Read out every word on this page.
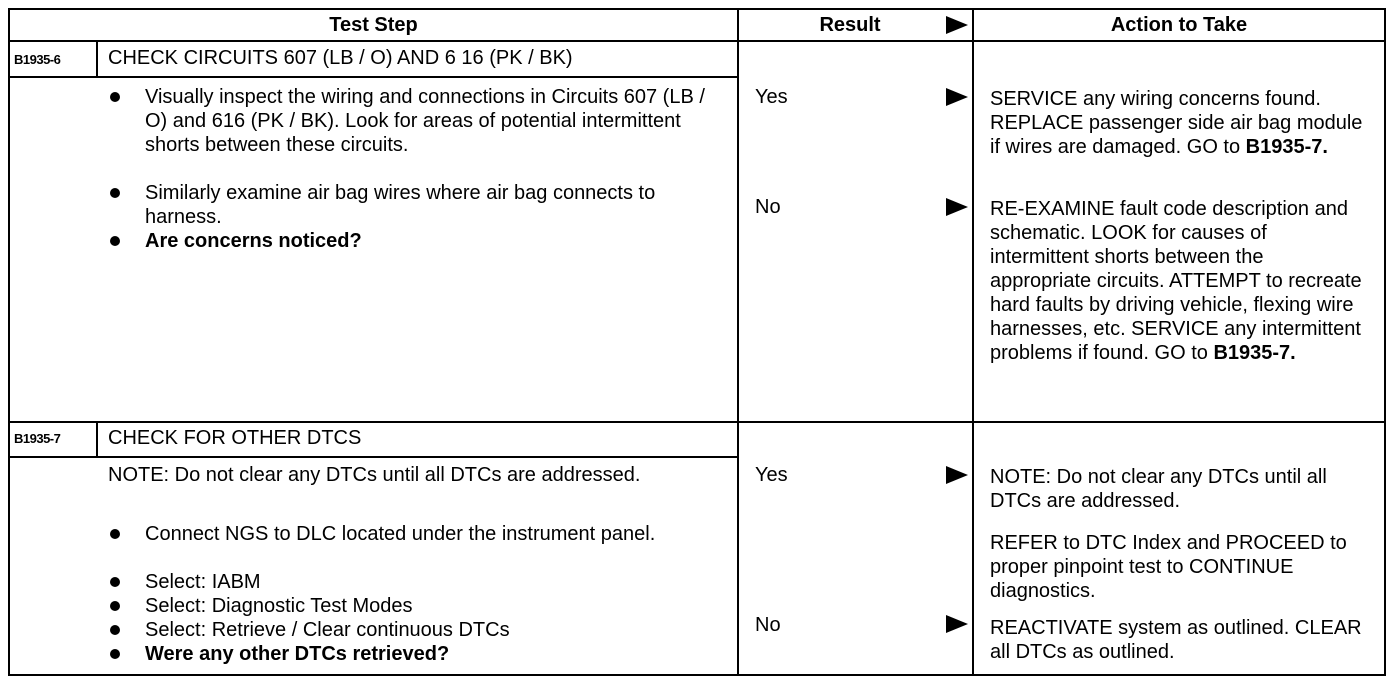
Test Step	Result	Action to Take
B1935-6 CHECK CIRCUITS 607 (LB / O) AND 6 16 (PK / BK)
Visually inspect the wiring and connections in Circuits 607 (LB / O) and 616 (PK / BK). Look for areas of potential intermittent shorts between these circuits.
Similarly examine air bag wires where air bag connects to harness.
Are concerns noticed?
Yes	SERVICE any wiring concerns found. REPLACE passenger side air bag module if wires are damaged. GO to B1935-7.
No	RE-EXAMINE fault code description and schematic. LOOK for causes of intermittent shorts between the appropriate circuits. ATTEMPT to recreate hard faults by driving vehicle, flexing wire harnesses, etc. SERVICE any intermittent problems if found. GO to B1935-7.
B1935-7 CHECK FOR OTHER DTCS
NOTE: Do not clear any DTCs until all DTCs are addressed.
Connect NGS to DLC located under the instrument panel.
Select: IABM
Select: Diagnostic Test Modes
Select: Retrieve / Clear continuous DTCs
Were any other DTCs retrieved?
Yes	NOTE: Do not clear any DTCs until all DTCs are addressed.
REFER to DTC Index and PROCEED to proper pinpoint test to CONTINUE diagnostics.
No	REACTIVATE system as outlined. CLEAR all DTCs as outlined.
